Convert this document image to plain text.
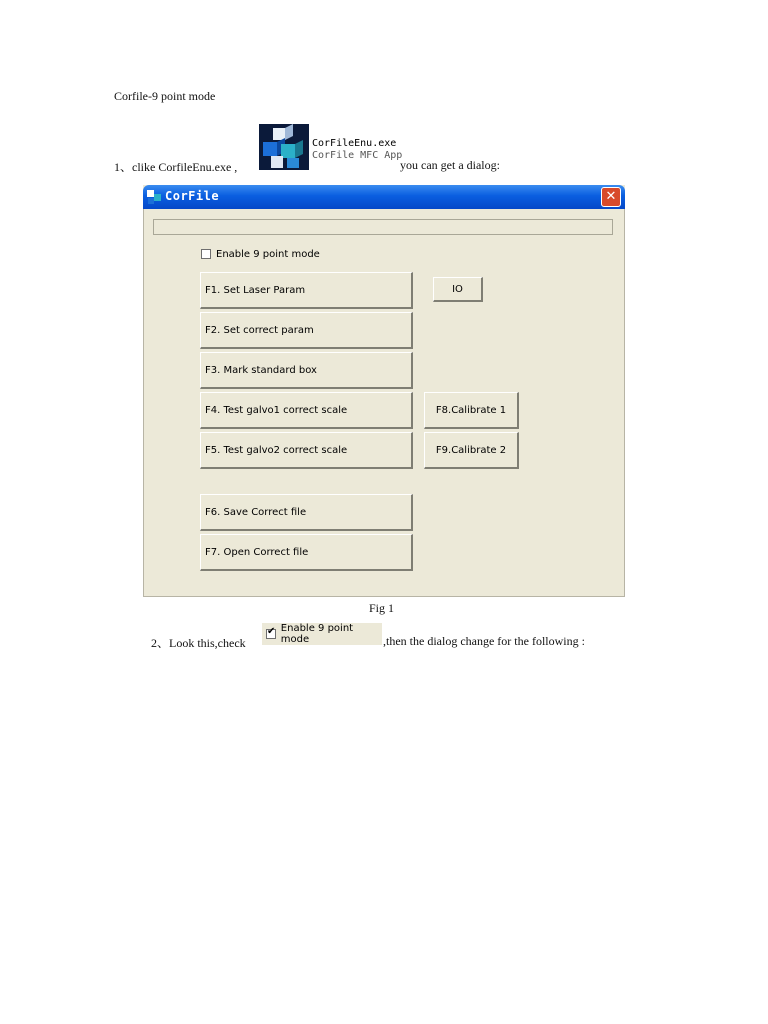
Corfile-9 point mode
CorFileEnu.exe
CorFile MFC App
1、clike CorfileEnu.exe ,	you can get a dialog:
CorFile	✕
Enable 9 point mode
F1. Set Laser Param
F2. Set correct param
F3. Mark standard box
F4. Test galvo1 correct scale
F5. Test galvo2 correct scale
F6. Save Correct file
F7. Open Correct file
IO
F8.Calibrate 1
F9.Calibrate 2
Fig 1
2、Look this,check
✔
Enable 9 point mode	,then the dialog change for the following :
